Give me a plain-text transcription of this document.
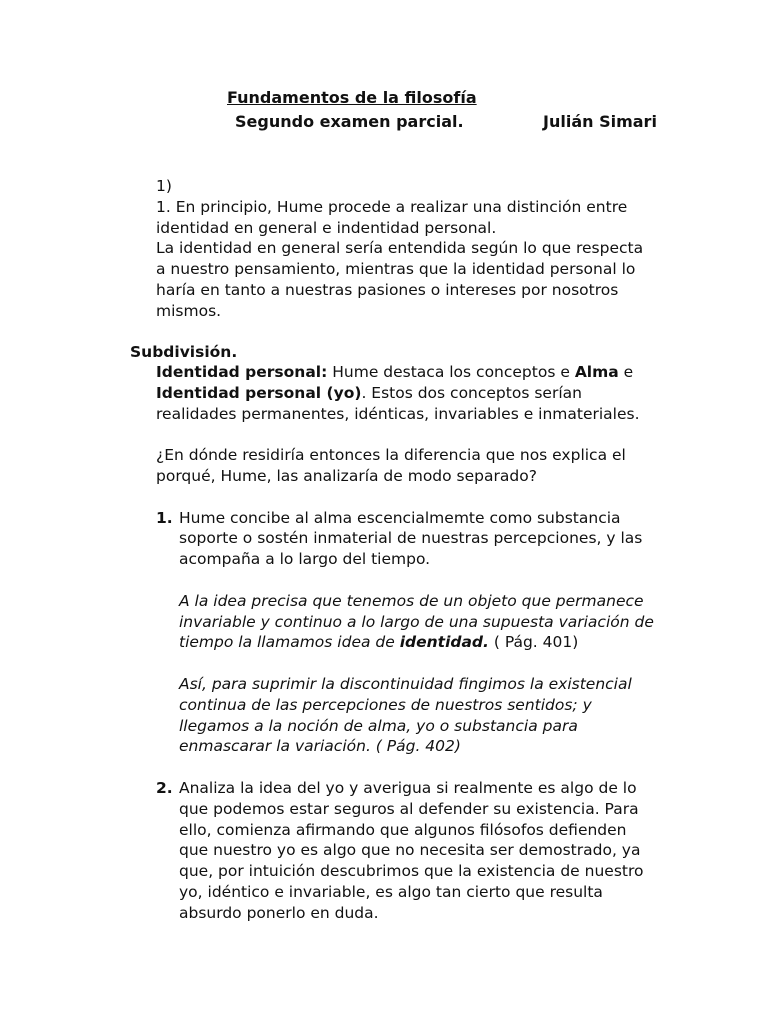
Fundamentos de la filosofía
Segundo examen parcial.	Julián Simari

1)

1. En principio, Hume procede a realizar una distinción entre identidad en general e indentidad personal.

La identidad en general sería entendida según lo que respecta a nuestro pensamiento, mientras que la identidad personal lo haría en tanto a nuestras pasiones o intereses por nosotros mismos.

Subdivisión.

Identidad personal: Hume destaca los conceptos e Alma e Identidad personal (yo). Estos dos conceptos serían realidades permanentes, idénticas, invariables e inmateriales.

¿En dónde residiría entonces la diferencia que nos explica el porqué, Hume, las analizaría de modo separado?

1. Hume concibe al alma escencialmemte como substancia soporte o sostén inmaterial de nuestras percepciones, y las acompaña a lo largo del tiempo.

A la idea precisa que tenemos de un objeto que permanece invariable y continuo a lo largo de una supuesta variación de tiempo la llamamos idea de identidad. ( Pág. 401)

Así, para suprimir la discontinuidad fingimos la existencial continua de las percepciones de nuestros sentidos; y llegamos a la noción de alma, yo o substancia para enmascarar la variación. ( Pág. 402)

2. Analiza la idea del yo y averigua si realmente es algo de lo que podemos estar seguros al defender su existencia. Para ello, comienza afirmando que algunos filósofos defienden que nuestro yo es algo que no necesita ser demostrado, ya que, por intuición descubrimos que la existencia de nuestro yo, idéntico e invariable, es algo tan cierto que resulta absurdo ponerlo en duda.
